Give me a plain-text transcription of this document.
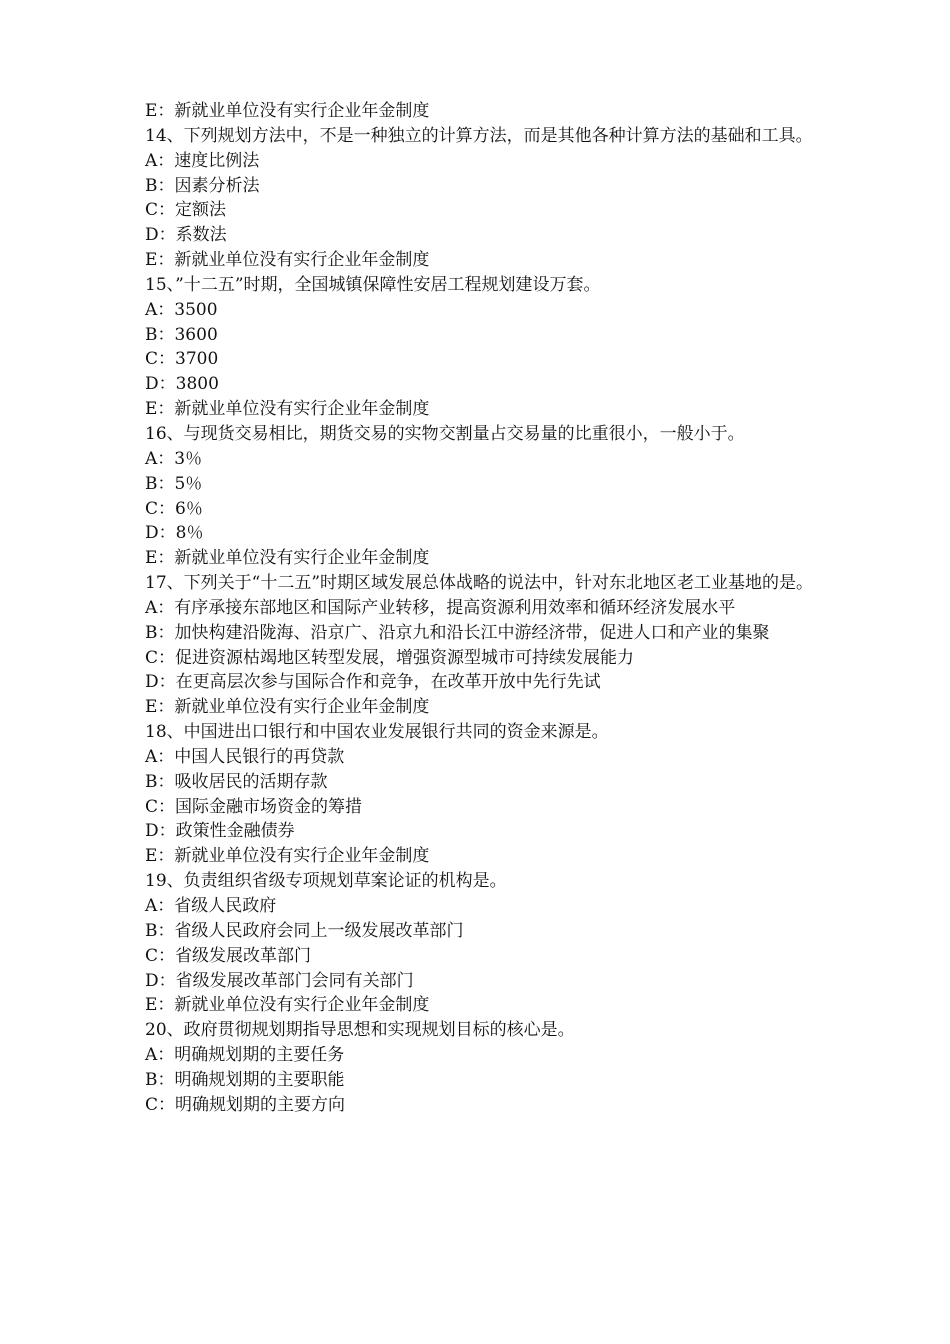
E：新就业单位没有实行企业年金制度

14、下列规划方法中，不是一种独立的计算方法，而是其他各种计算方法的基础和工具。

A：速度比例法

B：因素分析法

C：定额法

D：系数法

E：新就业单位没有实行企业年金制度

15、”十二五”时期，全国城镇保障性安居工程规划建设万套。

A：3500

B：3600

C：3700

D：3800

E：新就业单位没有实行企业年金制度

16、与现货交易相比，期货交易的实物交割量占交易量的比重很小，一般小于。

A：3％

B：5％

C：6％

D：8％

E：新就业单位没有实行企业年金制度

17、下列关于“十二五”时期区域发展总体战略的说法中，针对东北地区老工业基地的是。

A：有序承接东部地区和国际产业转移，提高资源利用效率和循环经济发展水平

B：加快构建沿陇海、沿京广、沿京九和沿长江中游经济带，促进人口和产业的集聚

C：促进资源枯竭地区转型发展，增强资源型城市可持续发展能力

D：在更高层次参与国际合作和竞争，在改革开放中先行先试

E：新就业单位没有实行企业年金制度

18、中国进出口银行和中国农业发展银行共同的资金来源是。

A：中国人民银行的再贷款

B：吸收居民的活期存款

C：国际金融市场资金的筹措

D：政策性金融债券

E：新就业单位没有实行企业年金制度

19、负责组织省级专项规划草案论证的机构是。

A：省级人民政府

B：省级人民政府会同上一级发展改革部门

C：省级发展改革部门

D：省级发展改革部门会同有关部门

E：新就业单位没有实行企业年金制度

20、政府贯彻规划期指导思想和实现规划目标的核心是。

A：明确规划期的主要任务

B：明确规划期的主要职能

C：明确规划期的主要方向
